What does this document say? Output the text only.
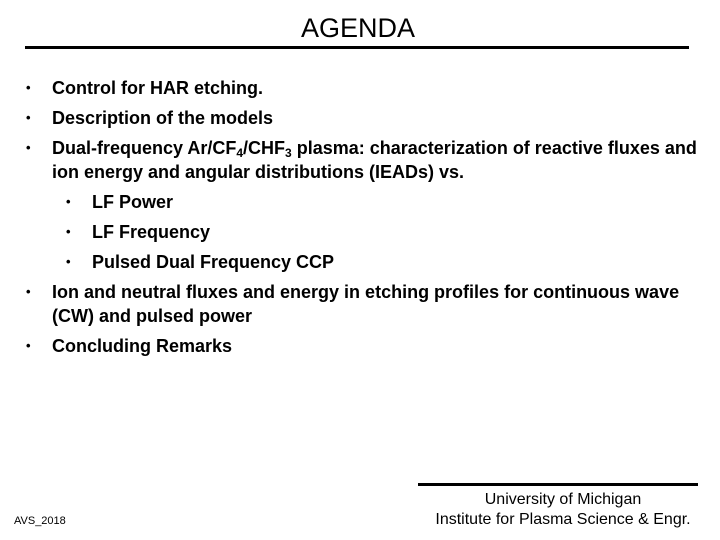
AGENDA
• Control for HAR etching.
• Description of the models
• Dual-frequency $Ar/CF_4/CHF_3$ plasma: characterization of reactive fluxes and ion energy and angular distributions (IEADs) vs.
• LF Power
• LF Frequency
• Pulsed Dual Frequency CCP
• Ion and neutral fluxes and energy in etching profiles for continuous wave (CW) and pulsed power
• Concluding Remarks
AVS_2018
University of Michigan
Institute for Plasma Science & Engr.
